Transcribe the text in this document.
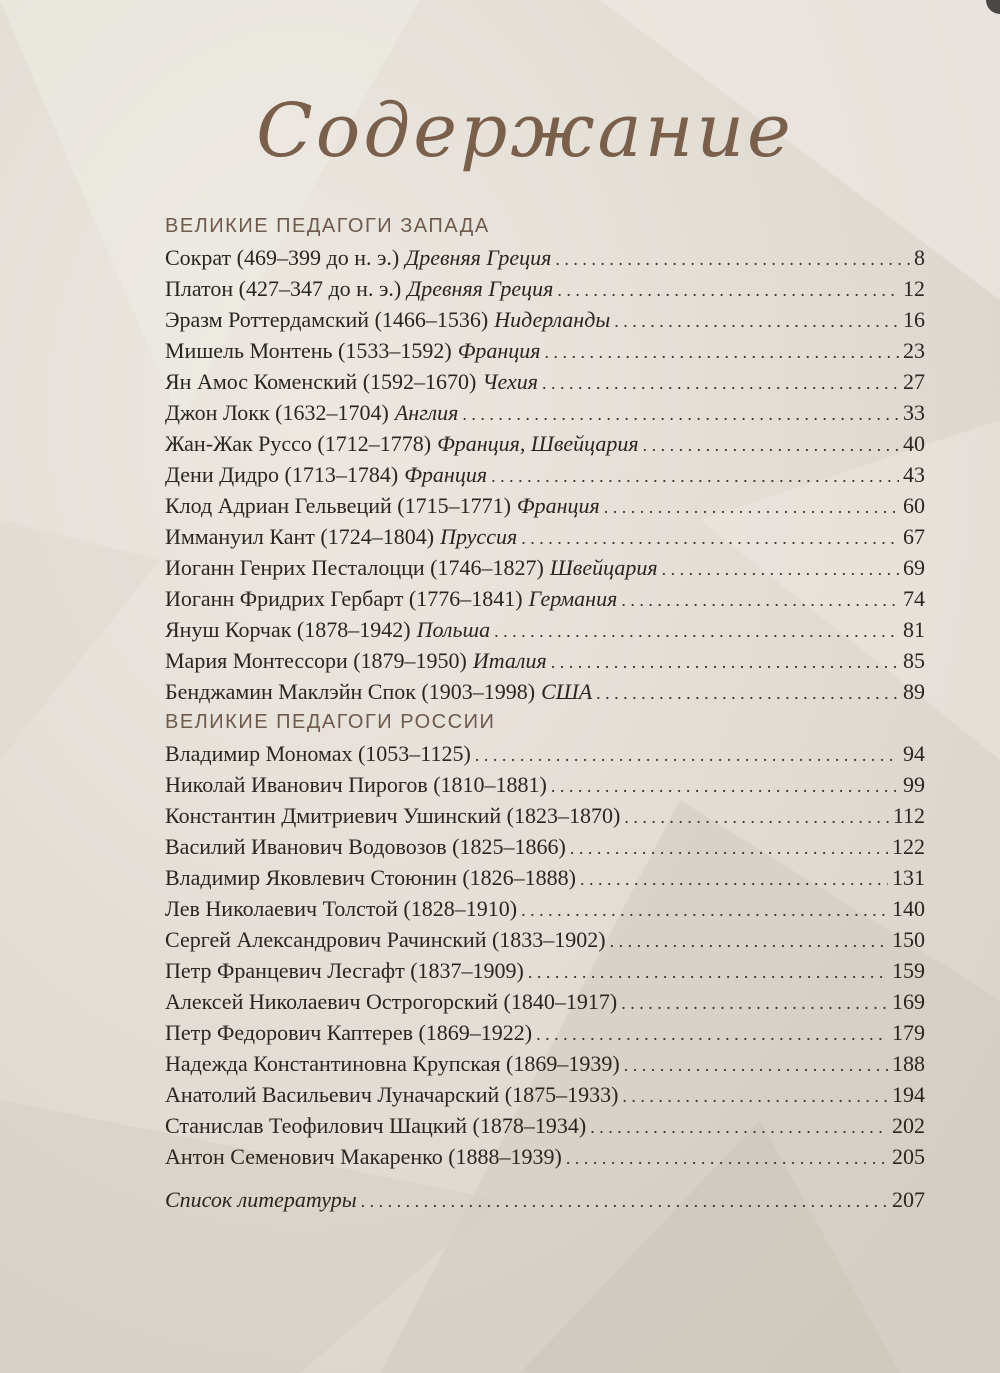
Содержание
ВЕЛИКИЕ ПЕДАГОГИ ЗАПАДА
Сократ (469–399 до н. э.) Древняя Греция . . .	8
Платон (427–347 до н. э.) Древняя Греция . . .	12
Эразм Роттердамский (1466–1536) Нидерланды . . .	16
Мишель Монтень (1533–1592) Франция . . .	23
Ян Амос Коменский (1592–1670) Чехия . . .	27
Джон Локк (1632–1704) Англия . . .	33
Жан-Жак Руссо (1712–1778) Франция, Швейцария . . .	40
Дени Дидро (1713–1784) Франция . . .	43
Клод Адриан Гельвеций (1715–1771) Франция . . .	60
Иммануил Кант (1724–1804) Пруссия . . .	67
Иоганн Генрих Песталоцци (1746–1827) Швейцария . . .	69
Иоганн Фридрих Гербарт (1776–1841) Германия . . .	74
Януш Корчак (1878–1942) Польша . . .	81
Мария Монтессори (1879–1950) Италия . . .	85
Бенджамин Маклэйн Спок (1903–1998) США . . .	89
ВЕЛИКИЕ ПЕДАГОГИ РОССИИ
Владимир Мономах (1053–1125) . . .	94
Николай Иванович Пирогов (1810–1881) . . .	99
Константин Дмитриевич Ушинский (1823–1870) . . .	112
Василий Иванович Водовозов (1825–1866) . . .	122
Владимир Яковлевич Стоюнин (1826–1888) . . .	131
Лев Николаевич Толстой (1828–1910) . . .	140
Сергей Александрович Рачинский (1833–1902) . . .	150
Петр Францевич Лесгафт (1837–1909) . . .	159
Алексей Николаевич Острогорский (1840–1917) . . .	169
Петр Федорович Каптерев (1869–1922) . . .	179
Надежда Константиновна Крупская (1869–1939) . . .	188
Анатолий Васильевич Луначарский (1875–1933) . . .	194
Станислав Теофилович Шацкий (1878–1934) . . .	202
Антон Семенович Макаренко (1888–1939) . . .	205
Список литературы . . .	207
